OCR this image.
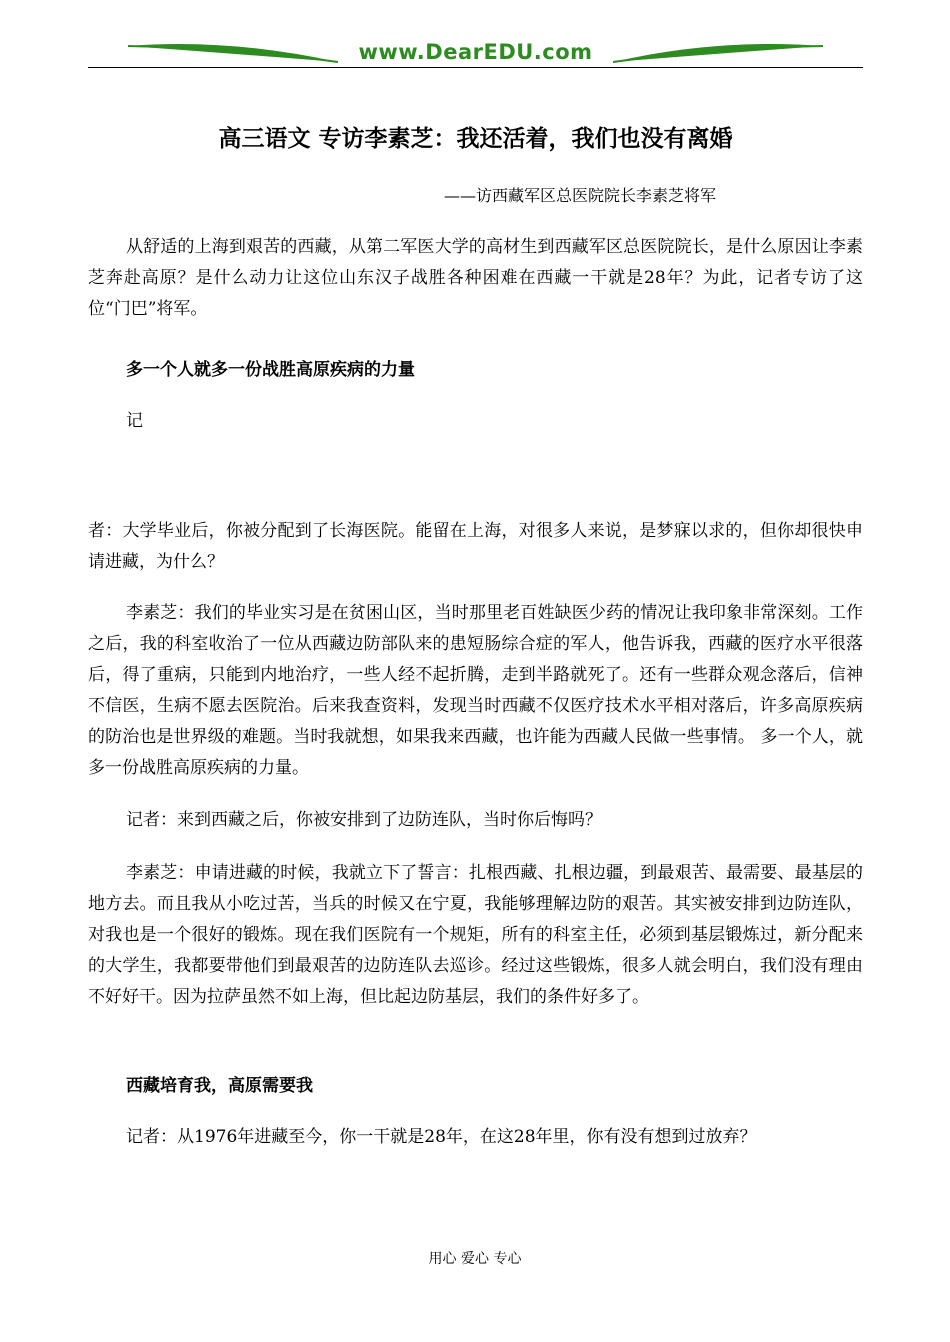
www.DearEDU.com
高三语文 专访李素芝：我还活着，我们也没有离婚
——访西藏军区总医院院长李素芝将军
从舒适的上海到艰苦的西藏，从第二军医大学的高材生到西藏军区总医院院长，是什么原因让李素芝奔赴高原？是什么动力让这位山东汉子战胜各种困难在西藏一干就是28年？为此，记者专访了这位“门巴”将军。
多一个人就多一份战胜高原疾病的力量
记
者：大学毕业后，你被分配到了长海医院。能留在上海，对很多人来说，是梦寐以求的，但你却很快申请进藏，为什么？
李素芝：我们的毕业实习是在贫困山区，当时那里老百姓缺医少药的情况让我印象非常深刻。工作之后，我的科室收治了一位从西藏边防部队来的患短肠综合症的军人，他告诉我，西藏的医疗水平很落后，得了重病，只能到内地治疗，一些人经不起折腾，走到半路就死了。还有一些群众观念落后，信神不信医，生病不愿去医院治。后来我查资料，发现当时西藏不仅医疗技术水平相对落后，许多高原疾病的防治也是世界级的难题。当时我就想，如果我来西藏，也许能为西藏人民做一些事情。 多一个人，就多一份战胜高原疾病的力量。
记者：来到西藏之后，你被安排到了边防连队，当时你后悔吗？
李素芝：申请进藏的时候，我就立下了誓言：扎根西藏、扎根边疆，到最艰苦、最需要、最基层的地方去。而且我从小吃过苦，当兵的时候又在宁夏，我能够理解边防的艰苦。其实被安排到边防连队，对我也是一个很好的锻炼。现在我们医院有一个规矩，所有的科室主任，必须到基层锻炼过，新分配来的大学生，我都要带他们到最艰苦的边防连队去巡诊。经过这些锻炼，很多人就会明白，我们没有理由不好好干。因为拉萨虽然不如上海，但比起边防基层，我们的条件好多了。
西藏培育我，高原需要我
记者：从1976年进藏至今，你一干就是28年，在这28年里，你有没有想到过放弃？
用心 爱心 专心
